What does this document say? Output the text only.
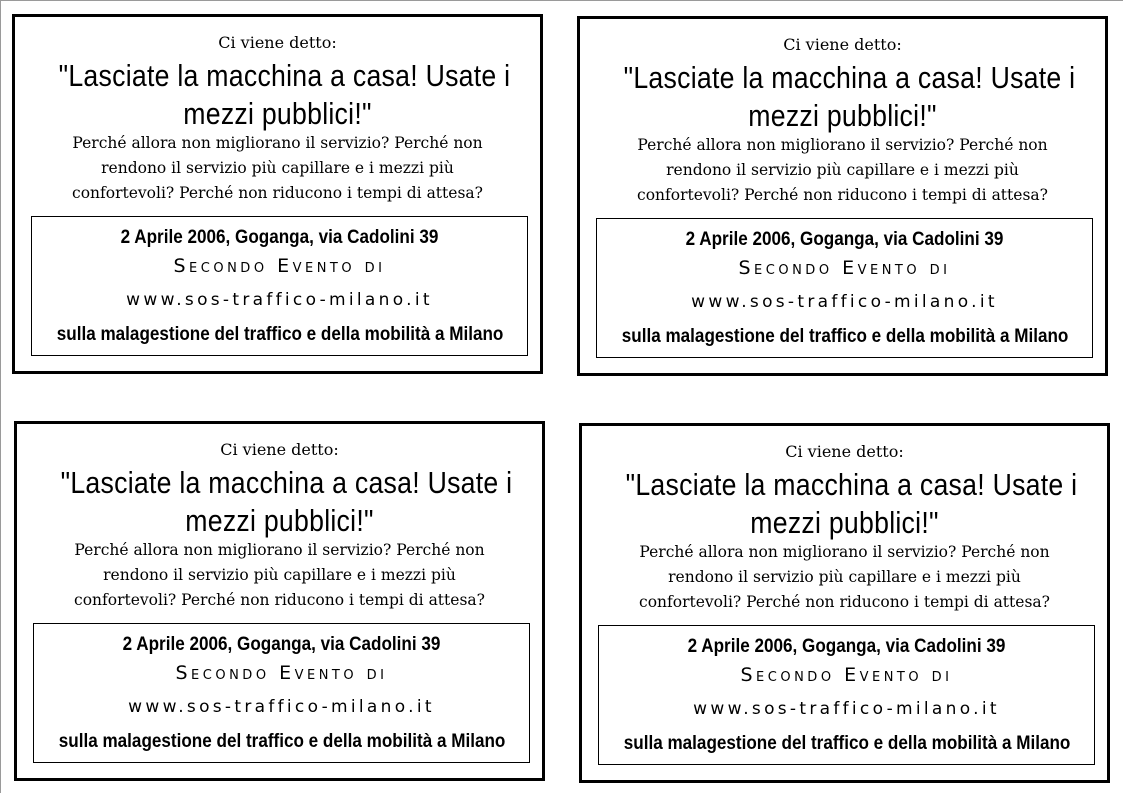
Ci viene detto:
"Lasciate la macchina a casa! Usate i
mezzi pubblici!"
Perché allora non migliorano il servizio? Perché non
rendono il servizio più capillare e i mezzi più
confortevoli? Perché non riducono i tempi di attesa?
2 Aprile 2006, Goganga, via Cadolini 39
Secondo Evento di
www.sos-traffico-milano.it
sulla malagestione del traffico e della mobilità a Milano
Ci viene detto:
"Lasciate la macchina a casa! Usate i
mezzi pubblici!"
Perché allora non migliorano il servizio? Perché non
rendono il servizio più capillare e i mezzi più
confortevoli? Perché non riducono i tempi di attesa?
2 Aprile 2006, Goganga, via Cadolini 39
Secondo Evento di
www.sos-traffico-milano.it
sulla malagestione del traffico e della mobilità a Milano
Ci viene detto:
"Lasciate la macchina a casa! Usate i
mezzi pubblici!"
Perché allora non migliorano il servizio? Perché non
rendono il servizio più capillare e i mezzi più
confortevoli? Perché non riducono i tempi di attesa?
2 Aprile 2006, Goganga, via Cadolini 39
Secondo Evento di
www.sos-traffico-milano.it
sulla malagestione del traffico e della mobilità a Milano
Ci viene detto:
"Lasciate la macchina a casa! Usate i
mezzi pubblici!"
Perché allora non migliorano il servizio? Perché non
rendono il servizio più capillare e i mezzi più
confortevoli? Perché non riducono i tempi di attesa?
2 Aprile 2006, Goganga, via Cadolini 39
Secondo Evento di
www.sos-traffico-milano.it
sulla malagestione del traffico e della mobilità a Milano
